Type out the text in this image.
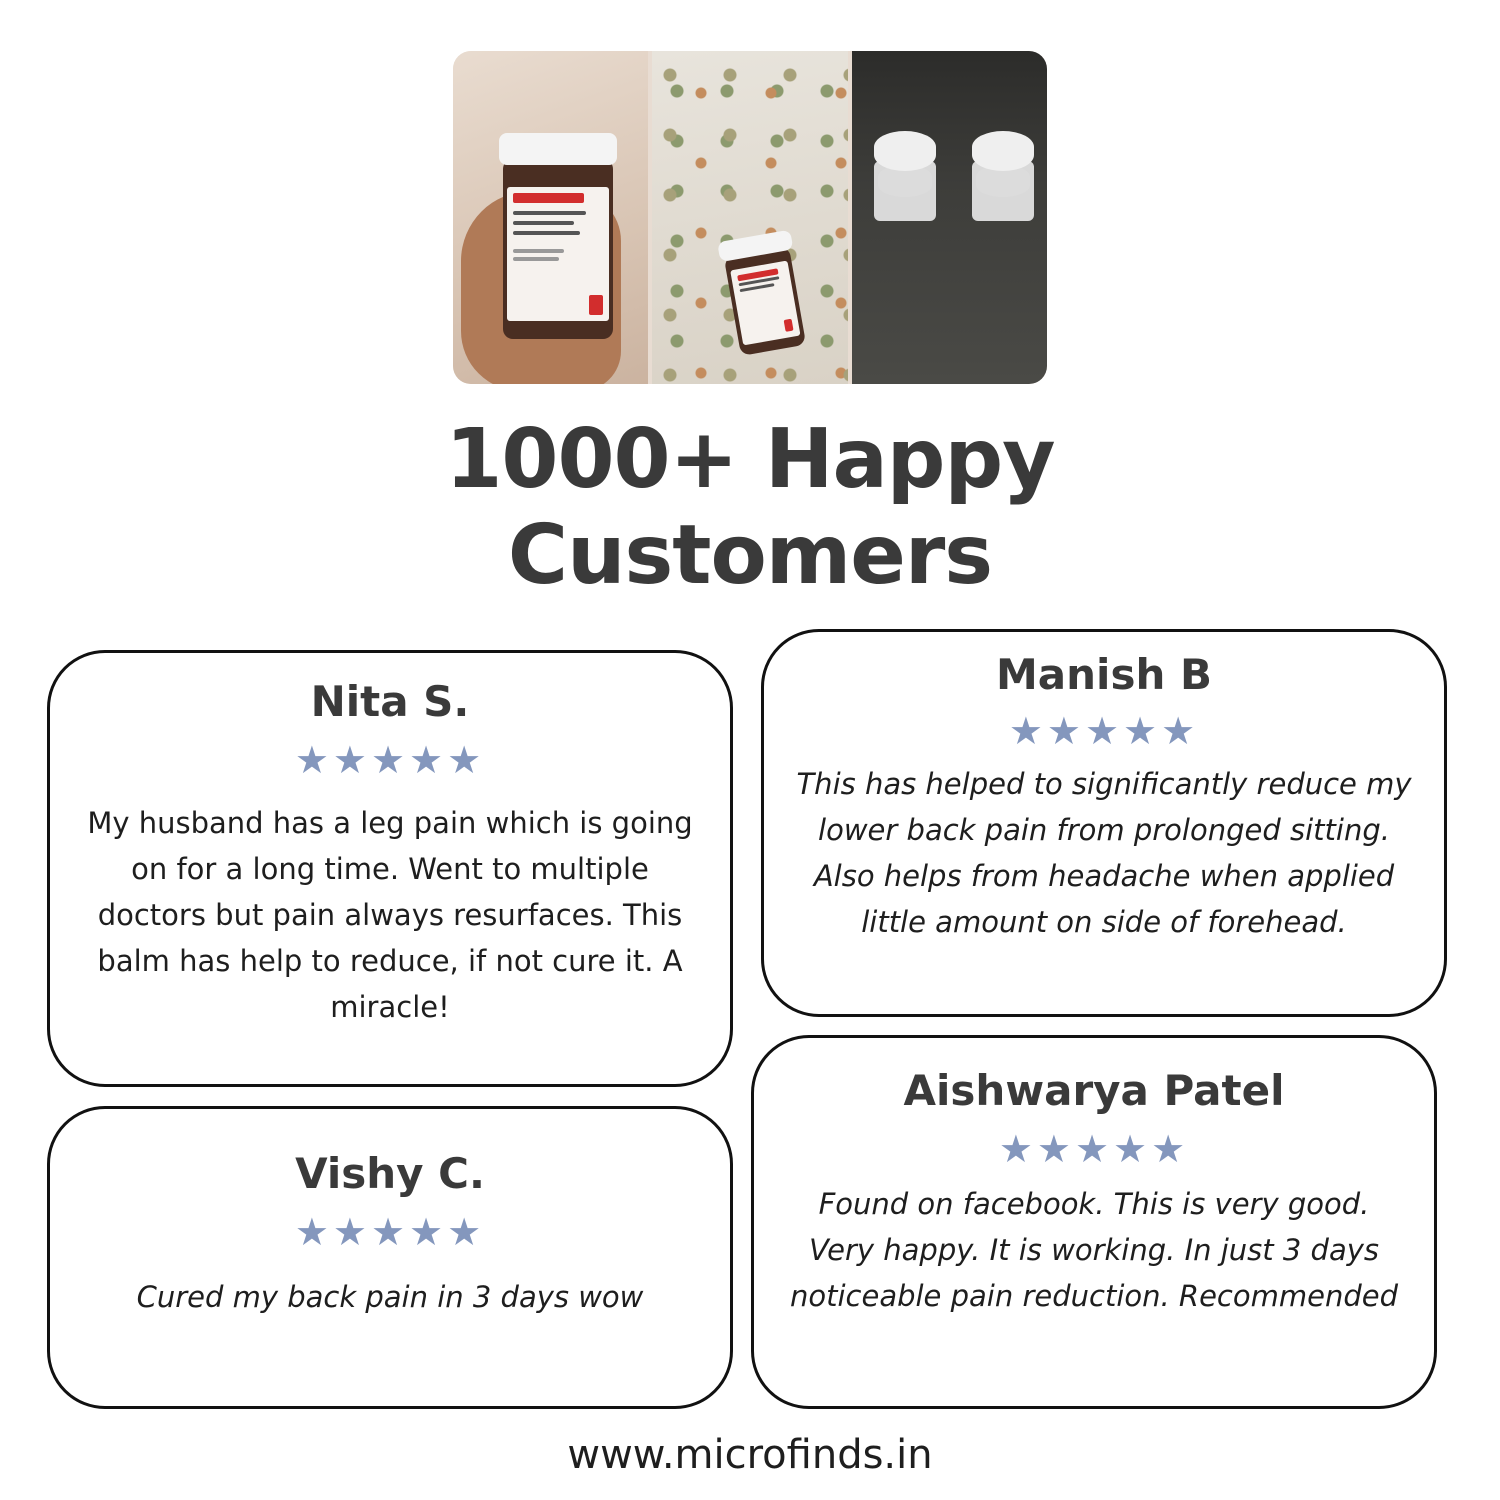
1000+ Happy
Customers
Nita S.
★★★★★
My husband has a leg pain which is going on for a long time. Went to multiple doctors but pain always resurfaces. This balm has help to reduce, if not cure it. A miracle!
Manish B
★★★★★
This has helped to significantly reduce my lower back pain from prolonged sitting. Also helps from headache when applied little amount on side of forehead.
Vishy C.
★★★★★
Cured my back pain in 3 days wow
Aishwarya Patel
★★★★★
Found on facebook. This is very good. Very happy. It is working. In just 3 days noticeable pain reduction. Recommended
www.microfinds.in
